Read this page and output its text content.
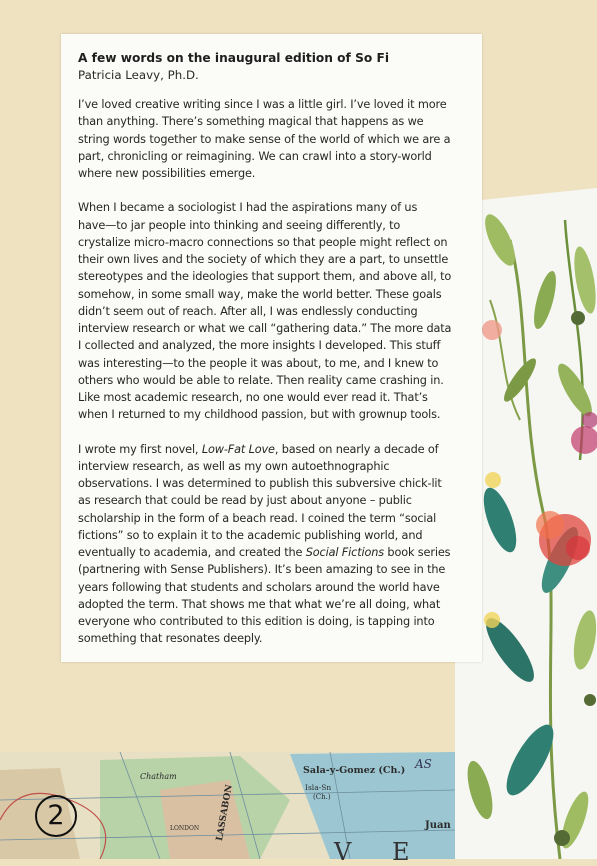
Chatham
LONDON LASSABON
Sala-y-Gomez (Ch.)
Isla-Sn
(Ch.)
AS
Juan
V E
2

A few words on the inaugural edition of So Fi

Patricia Leavy, Ph.D.

I’ve loved creative writing since I was a little girl. I’ve loved it more
than anything. There’s something magical that happens as we
string words together to make sense of the world of which we are a
part, chronicling or reimagining. We can crawl into a story-world
where new possibilities emerge.

When I became a sociologist I had the aspirations many of us
have—to jar people into thinking and seeing differently, to
crystalize micro-macro connections so that people might reflect on
their own lives and the society of which they are a part, to unsettle
stereotypes and the ideologies that support them, and above all, to
somehow, in some small way, make the world better. These goals
didn’t seem out of reach. After all, I was endlessly conducting
interview research or what we call “gathering data.” The more data
I collected and analyzed, the more insights I developed. This stuff
was interesting—to the people it was about, to me, and I knew to
others who would be able to relate. Then reality came crashing in.
Like most academic research, no one would ever read it. That’s
when I returned to my childhood passion, but with grownup tools.

I wrote my first novel, Low-Fat Love, based on nearly a decade of
interview research, as well as my own autoethnographic
observations. I was determined to publish this subversive chick-lit
as research that could be read by just about anyone – public
scholarship in the form of a beach read. I coined the term “social
fictions” so to explain it to the academic publishing world, and
eventually to academia, and created the Social Fictions book series
(partnering with Sense Publishers). It’s been amazing to see in the
years following that students and scholars around the world have
adopted the term. That shows me that what we’re all doing, what
everyone who contributed to this edition is doing, is tapping into
something that resonates deeply.
